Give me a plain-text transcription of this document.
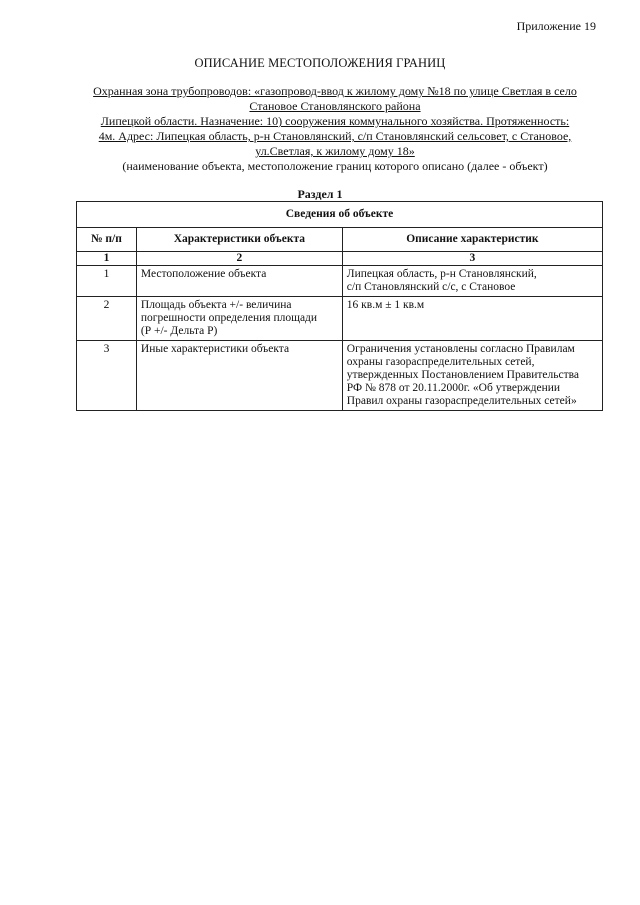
Приложение 19
ОПИСАНИЕ МЕСТОПОЛОЖЕНИЯ ГРАНИЦ
Охранная зона трубопроводов: «газопровод-ввод к жилому дому №18 по улице Светлая в село
Становое Становлянского района
Липецкой области. Назначение: 10) сооружения коммунального хозяйства. Протяженность:
4м. Адрес: Липецкая область, р-н Становлянский, с/п Становлянский сельсовет, с Становое,
ул.Светлая, к жилому дому 18»
(наименование объекта, местоположение границ которого описано (далее - объект)
Раздел 1
Сведения об объекте		
№ п/п	Характеристики объекта	Описание характеристик
1	2	3
1	Местоположение объекта	Липецкая область, р-н Становлянский,
с/п Становлянский с/с, с Становое

2	Площадь объекта +/- величина
погрешности определения площади
(Р +/- Дельта Р)	16 кв.м ± 1 кв.м

3	Иные характеристики объекта	Ограничения установлены согласно Правилам
охраны газораспределительных сетей,
утвержденных Постановлением Правительства
РФ № 878 от 20.11.2000г. «Об утверждении
Правил охраны газораспределительных сетей»
